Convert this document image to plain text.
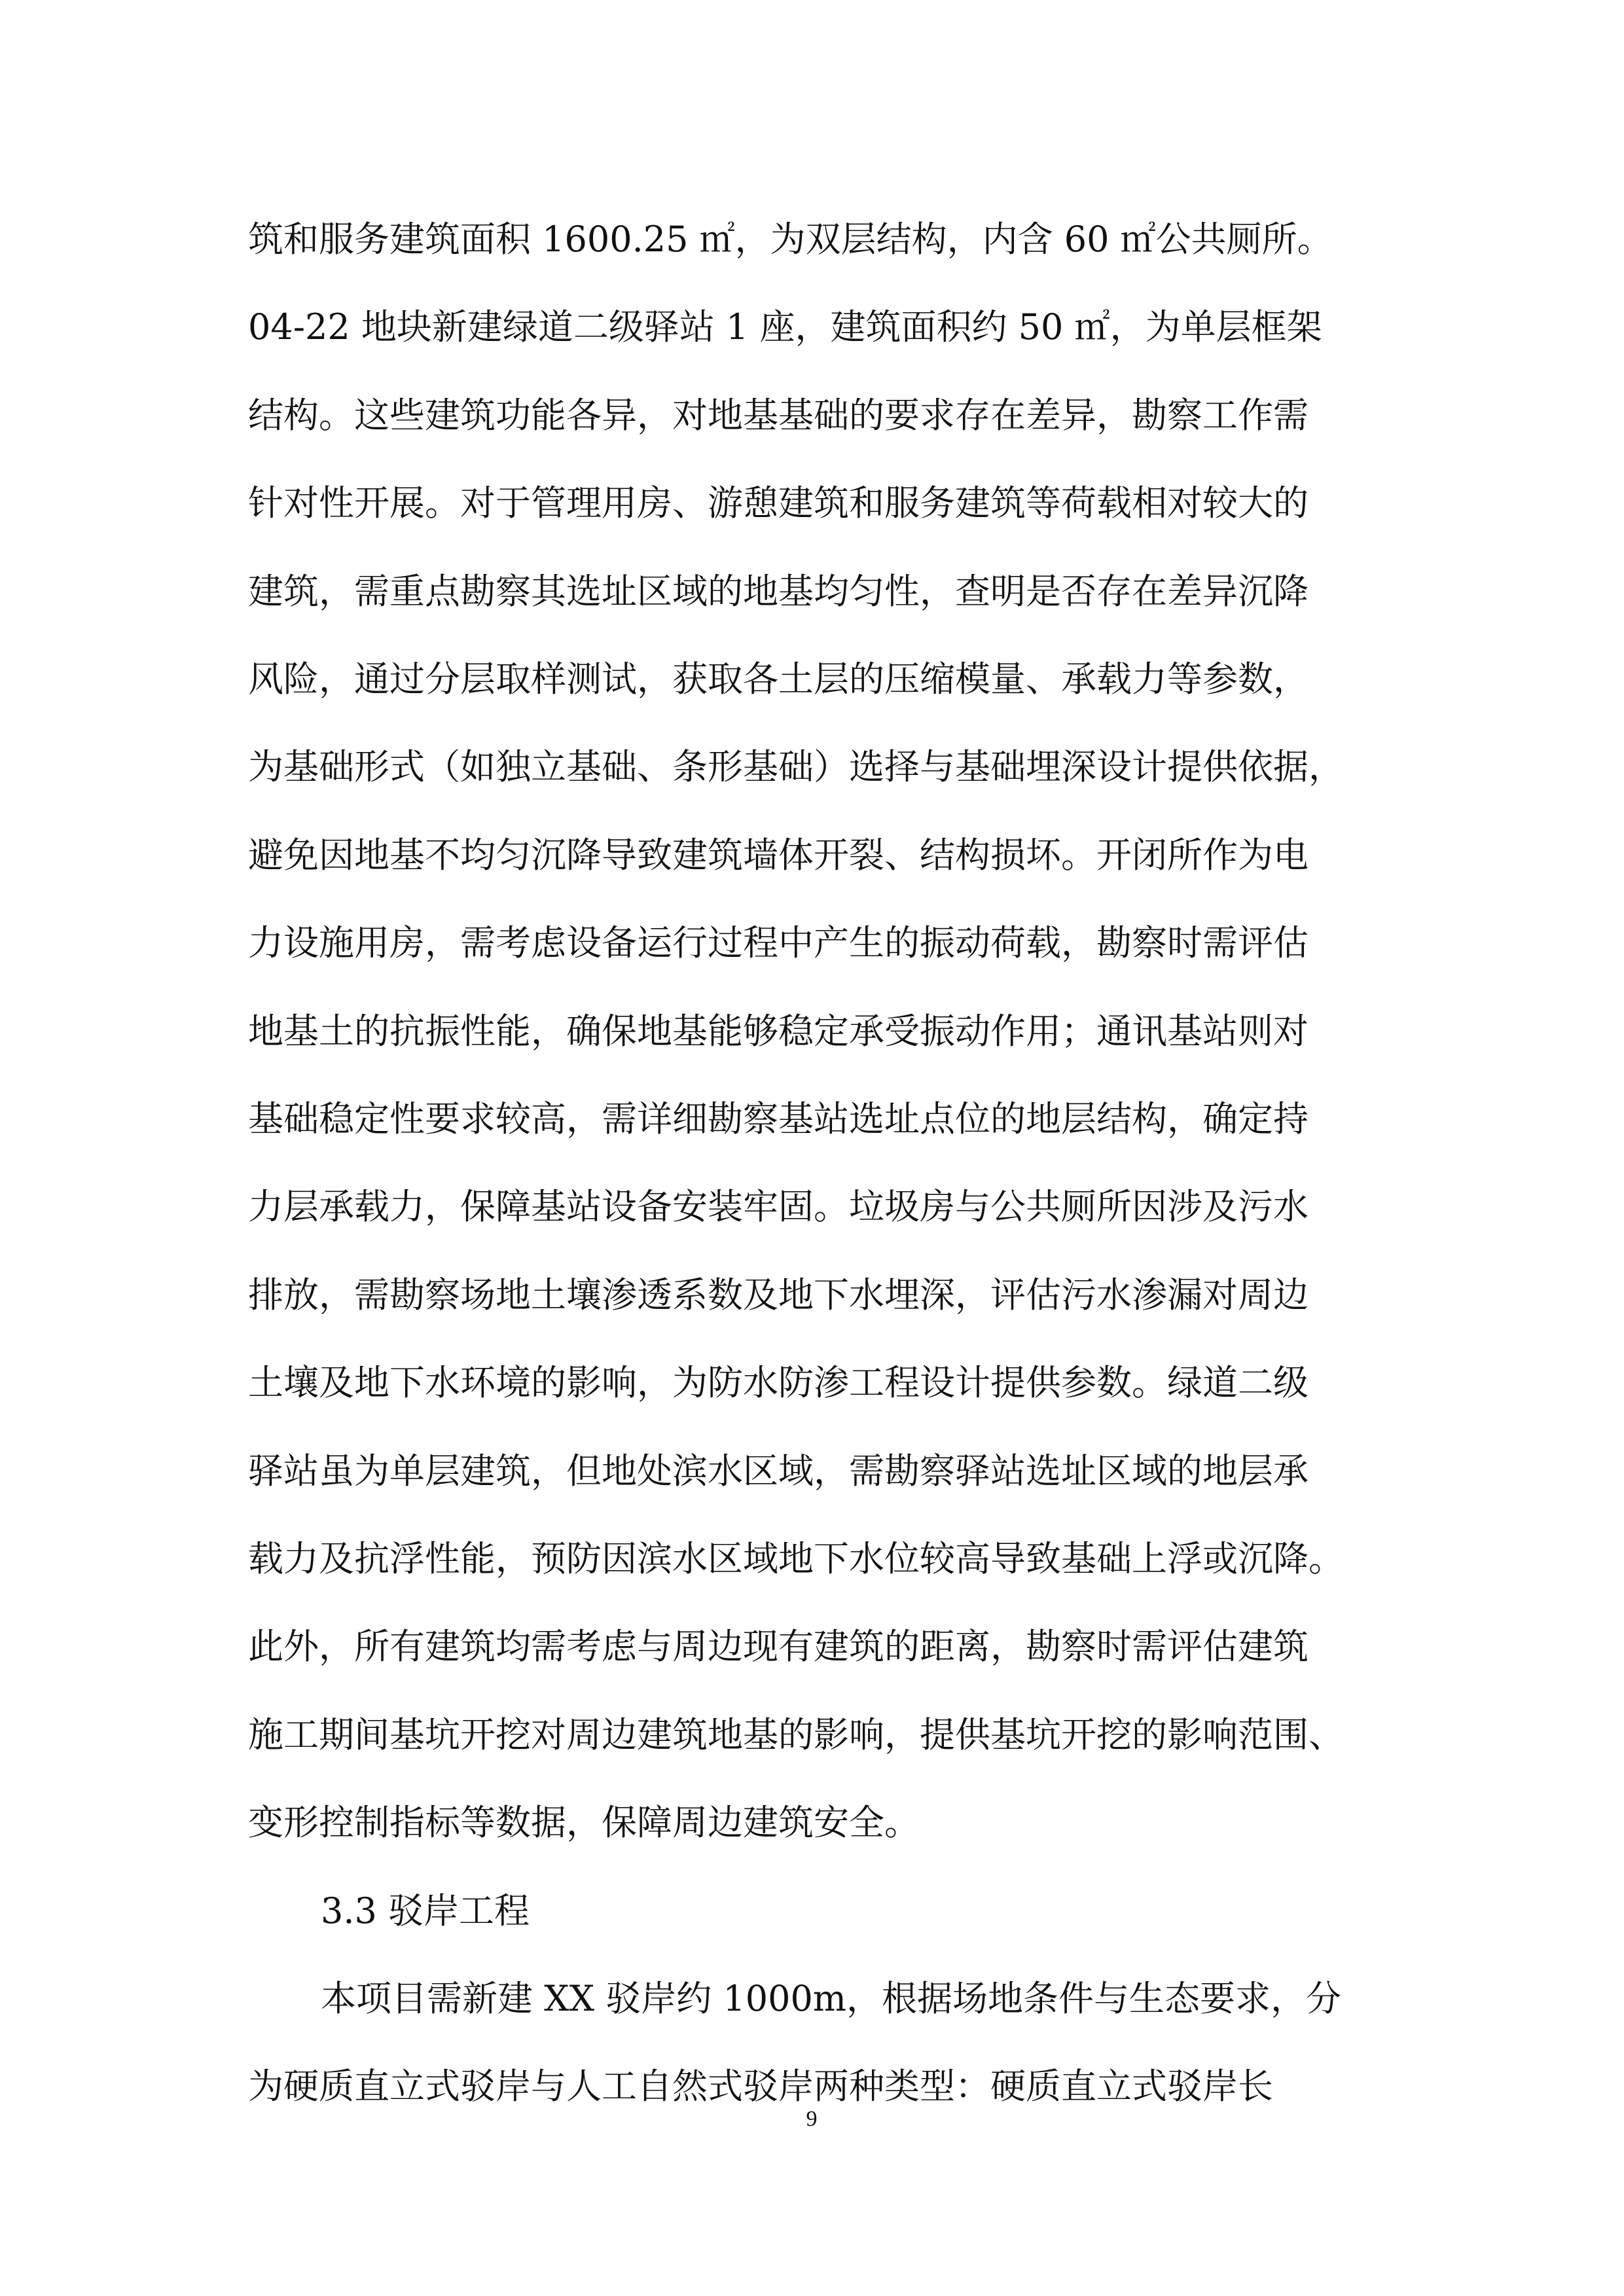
筑和服务建筑面积 1600.25 ㎡，为双层结构，内含 60 ㎡公共厕所。
04-22 地块新建绿道二级驿站 1 座，建筑面积约 50 ㎡，为单层框架
结构。这些建筑功能各异，对地基基础的要求存在差异，勘察工作需
针对性开展。对于管理用房、游憩建筑和服务建筑等荷载相对较大的
建筑，需重点勘察其选址区域的地基均匀性，查明是否存在差异沉降
风险，通过分层取样测试，获取各土层的压缩模量、承载力等参数，
为基础形式（如独立基础、条形基础）选择与基础埋深设计提供依据，
避免因地基不均匀沉降导致建筑墙体开裂、结构损坏。开闭所作为电
力设施用房，需考虑设备运行过程中产生的振动荷载，勘察时需评估
地基土的抗振性能，确保地基能够稳定承受振动作用；通讯基站则对
基础稳定性要求较高，需详细勘察基站选址点位的地层结构，确定持
力层承载力，保障基站设备安装牢固。垃圾房与公共厕所因涉及污水
排放，需勘察场地土壤渗透系数及地下水埋深，评估污水渗漏对周边
土壤及地下水环境的影响，为防水防渗工程设计提供参数。绿道二级
驿站虽为单层建筑，但地处滨水区域，需勘察驿站选址区域的地层承
载力及抗浮性能，预防因滨水区域地下水位较高导致基础上浮或沉降。
此外，所有建筑均需考虑与周边现有建筑的距离，勘察时需评估建筑
施工期间基坑开挖对周边建筑地基的影响，提供基坑开挖的影响范围、
变形控制指标等数据，保障周边建筑安全。
3.3 驳岸工程
本项目需新建 XX 驳岸约 1000m，根据场地条件与生态要求，分
为硬质直立式驳岸与人工自然式驳岸两种类型：硬质直立式驳岸长
9
